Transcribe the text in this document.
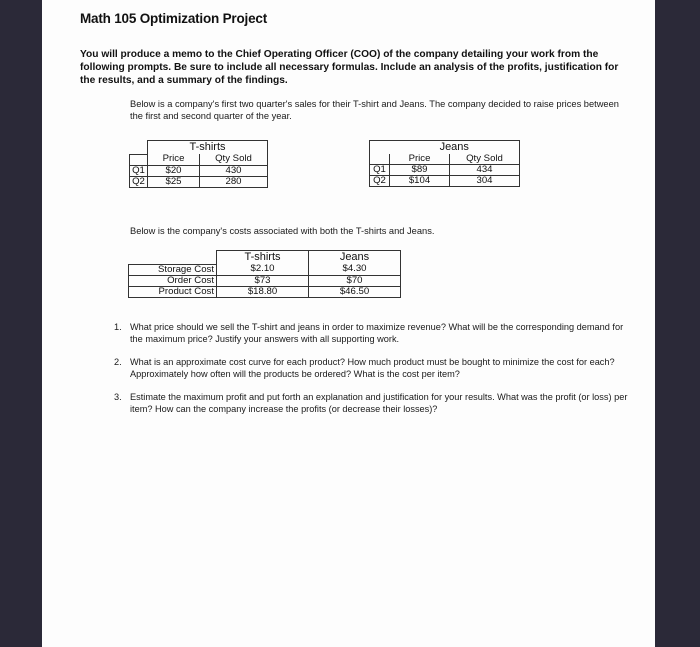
Math 105 Optimization Project
You will produce a memo to the Chief Operating Officer (COO) of the company detailing your work from the following prompts. Be sure to include all necessary formulas. Include an analysis of the profits, justification for the results, and a summary of the findings.
Below is a company's first two quarter's sales for their T-shirt and Jeans. The company decided to raise prices between the first and second quarter of the year.
	T-shirts	
	Price	Qty Sold
Q1	$20	430
Q2	$25	280
	Jeans	
	Price	Qty Sold
Q1	$89	434
Q2	$104	304
Below is the company's costs associated with both the T-shirts and Jeans.
	T-shirts	Jeans
Storage Cost	$2.10	$4.30
Order Cost	$73	$70
Product Cost	$18.80	$46.50
1. What price should we sell the T-shirt and jeans in order to maximize revenue? What will be the corresponding demand for the maximum price? Justify your answers with all supporting work.
2. What is an approximate cost curve for each product? How much product must be bought to minimize the cost for each? Approximately how often will the products be ordered? What is the cost per item?
3. Estimate the maximum profit and put forth an explanation and justification for your results. What was the profit (or loss) per item? How can the company increase the profits (or decrease their losses)?
